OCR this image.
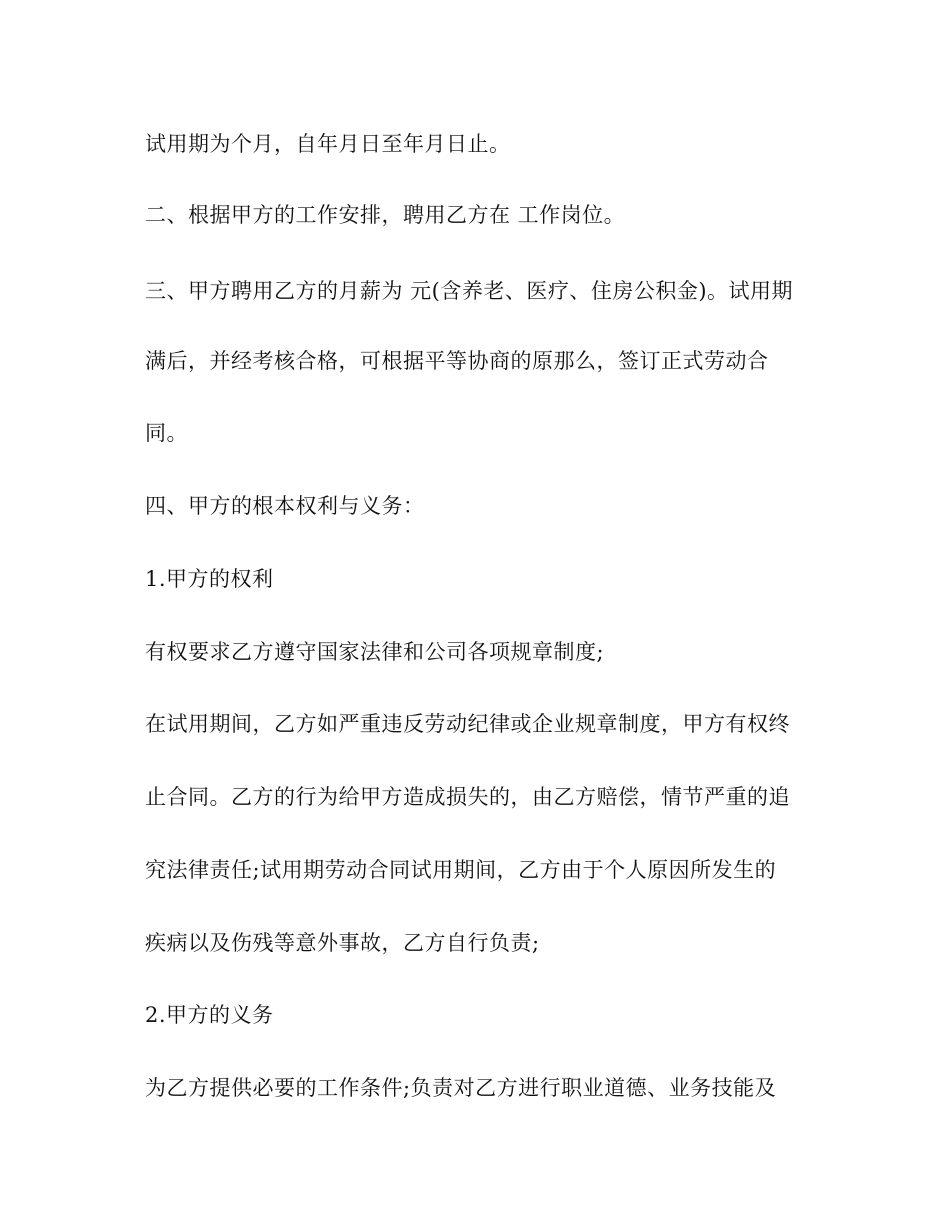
试用期为个月，自年月日至年月日止。
二、根据甲方的工作安排，聘用乙方在 工作岗位。
三、甲方聘用乙方的月薪为 元(含养老、医疗、住房公积金)。试用期
满后，并经考核合格，可根据平等协商的原那么，签订正式劳动合
同。
四、甲方的根本权利与义务：
1.甲方的权利
有权要求乙方遵守国家法律和公司各项规章制度;
在试用期间，乙方如严重违反劳动纪律或企业规章制度，甲方有权终
止合同。乙方的行为给甲方造成损失的，由乙方赔偿，情节严重的追
究法律责任;试用期劳动合同试用期间，乙方由于个人原因所发生的
疾病以及伤残等意外事故，乙方自行负责;
2.甲方的义务
为乙方提供必要的工作条件;负责对乙方进行职业道德、业务技能及
